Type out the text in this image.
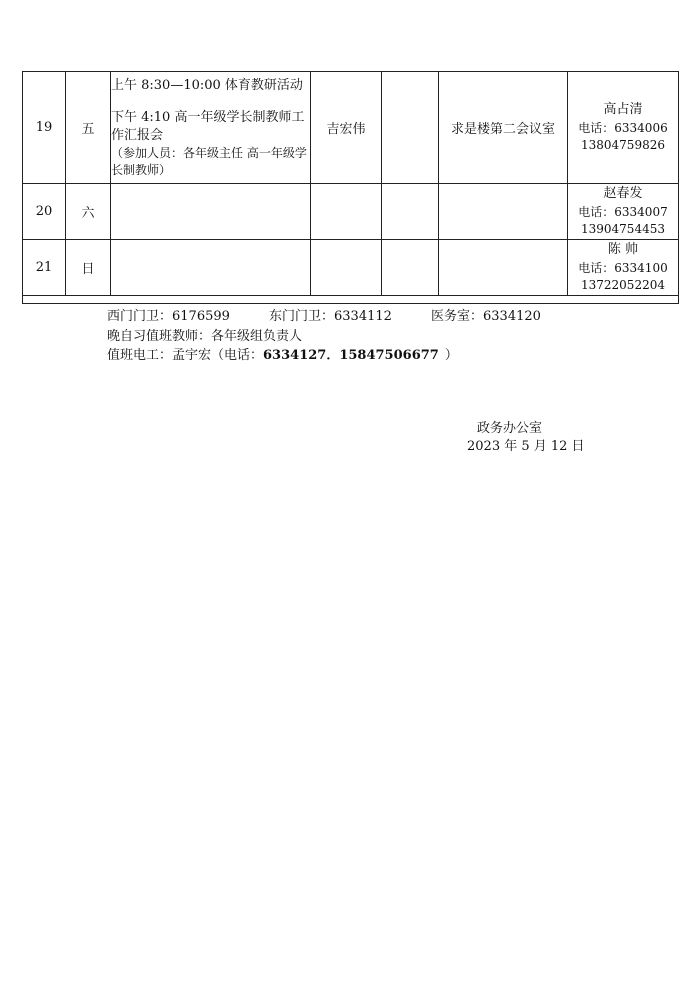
19	五	上午 8:30—10:00 体育教研活动
下午 4:10 高一年级学长制教师工作汇报会
（参加人员：各年级主任 高一年级学长制教师）	吉宏伟		求是楼第二会议室	高占清
电话：6334006
13804759826

20	六					赵春发
电话：6334007
13904754453

21	日					陈 帅
电话：6334100
13722052204

西门门卫：6176599	东门门卫：6334112	医务室：6334120
晚自习值班教师：各年级组负责人
值班电工：孟宇宏（电话：6334127．15847506677 ）
政务办公室
2023 年 5 月 12 日
